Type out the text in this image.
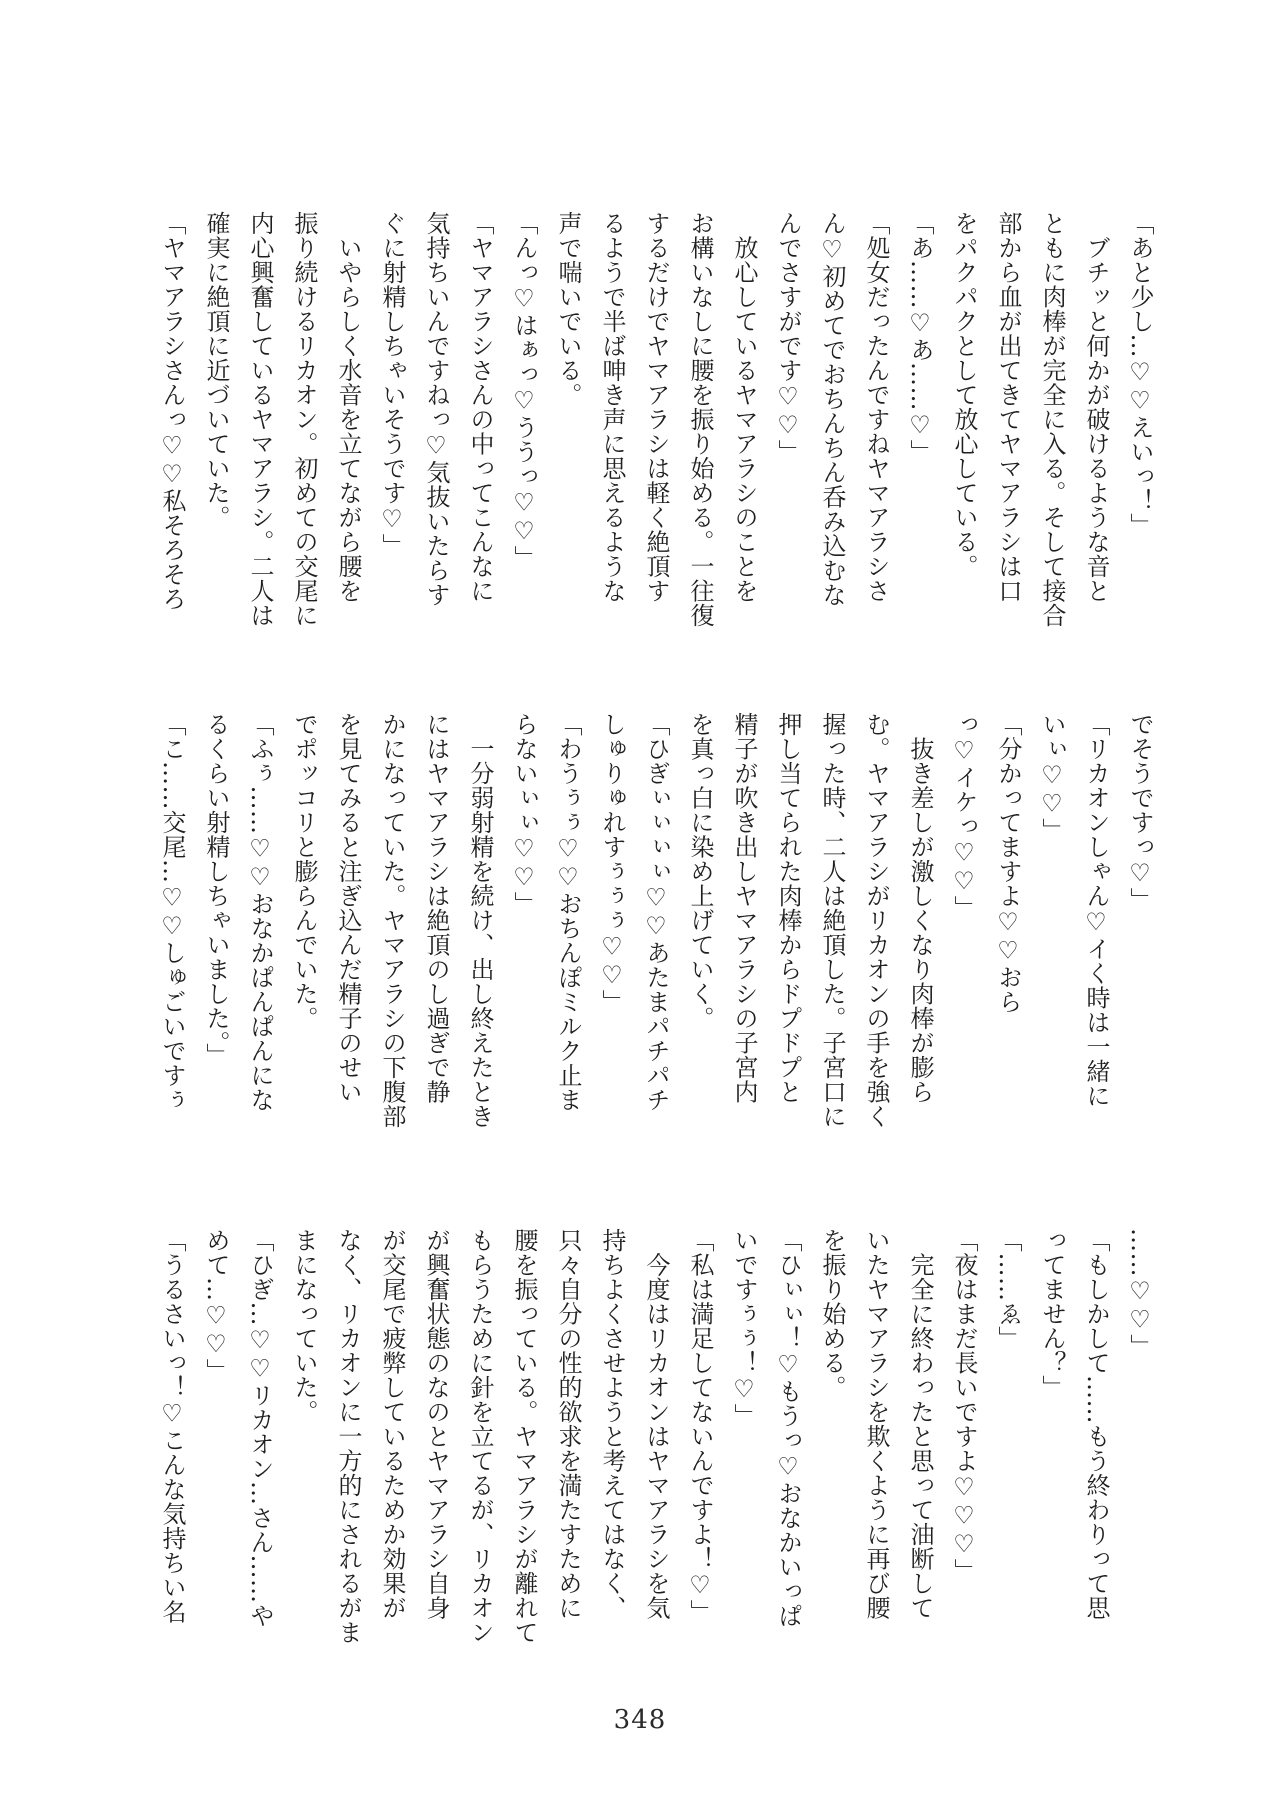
「あと少し…♡♡えいっ！」
　ブチッと何かが破けるような音と
ともに肉棒が完全に入る。そして接合
部から血が出てきてヤマアラシは口
をパクパクとして放心している。
「あ……♡あ……♡」
「処女だったんですねヤマアラシさ
ん♡初めてでおちんちん呑み込むな
んでさすがです♡♡」
　放心しているヤマアラシのことを
お構いなしに腰を振り始める。一往復
するだけでヤマアラシは軽く絶頂す
るようで半ば呻き声に思えるような
声で喘いでいる。
「んっ♡はぁっ♡ううっ♡♡」
「ヤマアラシさんの中ってこんなに
気持ちいんですねっ♡気抜いたらす
ぐに射精しちゃいそうです♡」
　いやらしく水音を立てながら腰を
振り続けるリカオン。初めての交尾に
内心興奮しているヤマアラシ。二人は
確実に絶頂に近づいていた。
「ヤマアラシさんっ♡♡私そろそろ
でそうですっ♡」
「リカオンしゃん♡イく時は一緒に
いぃ♡♡」
「分かってますよ♡♡おら
っ♡イケっ♡♡」
　抜き差しが激しくなり肉棒が膨ら
む。ヤマアラシがリカオンの手を強く
握った時、二人は絶頂した。子宮口に
押し当てられた肉棒からドプドプと
精子が吹き出しヤマアラシの子宮内
を真っ白に染め上げていく。
「ひぎぃぃぃぃ♡♡あたまパチパチ
しゅりゅれすぅぅぅ♡♡」
「わうぅぅ♡♡おちんぽミルク止ま
らないぃぃ♡♡」
　一分弱射精を続け、出し終えたとき
にはヤマアラシは絶頂のし過ぎで静
かになっていた。ヤマアラシの下腹部
を見てみると注ぎ込んだ精子のせい
でポッコリと膨らんでいた。
「ふぅ……♡♡おなかぱんぱんにな
るくらい射精しちゃいました。」
「こ……交尾…♡♡しゅごいですぅ
……♡♡」
「もしかして……もう終わりって思
ってません？」
「……ゑ」
「夜はまだ長いですよ♡♡♡」
　完全に終わったと思って油断して
いたヤマアラシを欺くように再び腰
を振り始める。
「ひぃぃ！♡もうっ♡おなかいっぱ
いですぅぅ！♡」
「私は満足してないんですよ！♡」
　今度はリカオンはヤマアラシを気
持ちよくさせようと考えてはなく、
只々自分の性的欲求を満たすために
腰を振っている。ヤマアラシが離れて
もらうために針を立てるが、リカオン
が興奮状態のなのとヤマアラシ自身
が交尾で疲弊しているためか効果が
なく、リカオンに一方的にされるがま
まになっていた。
「ひぎ…♡♡リカオン…さん……や
めて…♡♡」
「うるさいっ！♡こんな気持ちい名
348
